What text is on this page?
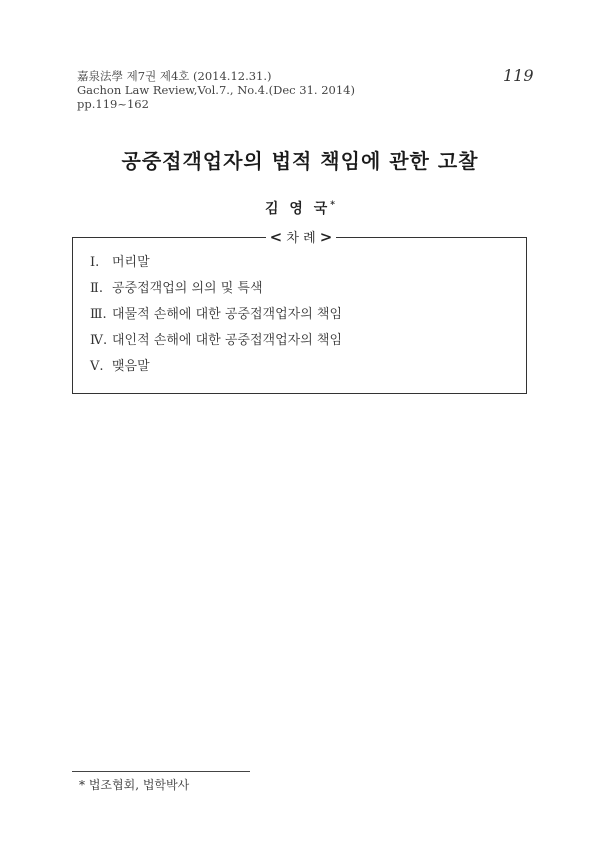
嘉泉法學 제7권 제4호 (2014.12.31.)
Gachon Law Review,Vol.7., No.4.(Dec 31. 2014)
pp.119~162
119
공중접객업자의 법적 책임에 관한 고찰
김 영 국*
< 차 례 >
Ⅰ. 머리말
Ⅱ. 공중접객업의 의의 및 특색
Ⅲ. 대물적 손해에 대한 공중접객업자의 책임
Ⅳ. 대인적 손해에 대한 공중접객업자의 책임
Ⅴ. 맺음말
* 법조협회, 법학박사
